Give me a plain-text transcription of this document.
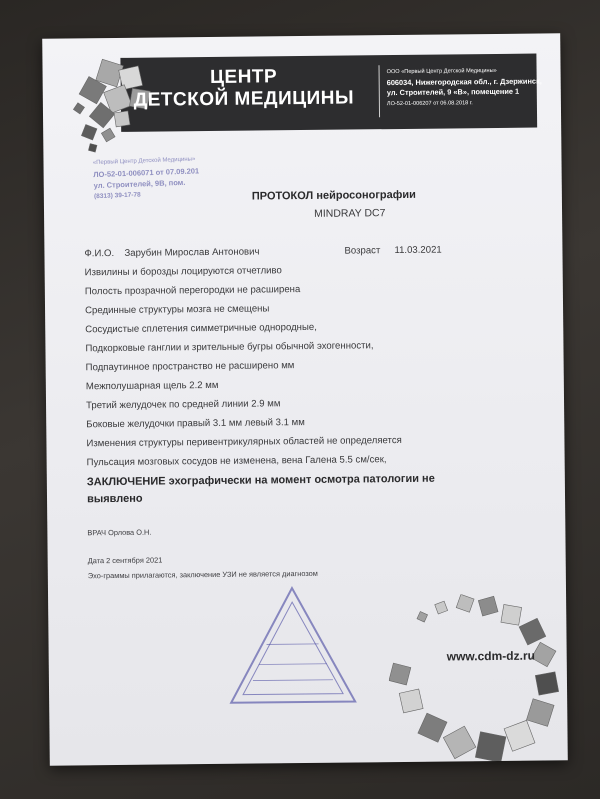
ЦЕНТР
ДЕТСКОЙ МЕДИЦИНЫ
ООО «Первый Центр Детской Медицины»
606034, Нижегородская обл., г. Дзержинск,
ул. Строителей, 9 «В», помещение 1
ЛО-52-01-006207 от 06.08.2018 г.
«Первый Центр Детской Медицины»
ЛО-52-01-006071 от 07.09.201
ул. Строителей, 9В, пом.
(8313) 39-17-78	ПРОТОКОЛ нейросонографии
MINDRAY DC7
Ф.И.О. Зарубин Мирослав Антонович	Возраст 11.03.2021
Извилины и борозды лоцируются отчетливо
Полость прозрачной перегородки не расширена
Срединные структуры мозга не смещены
Сосудистые сплетения симметричные однородные,
Подкорковые ганглии и зрительные бугры обычной эхогенности,
Подпаутинное пространство не расширено мм
Межполушарная щель 2.2 мм
Третий желудочек по средней линии 2.9 мм
Боковые желудочки правый 3.1 мм левый 3.1 мм
Изменения структуры перивентрикулярных областей не определяется
Пульсация мозговых сосудов не изменена, вена Галена 5.5 см/сек,
ЗАКЛЮЧЕНИЕ эхографически на момент осмотра патологии не
выявлено
ВРАЧ Орлова О.Н.
Дата 2 сентября 2021
Эхо-граммы прилагаются, заключение УЗИ не является диагнозом
www.cdm-dz.ru
